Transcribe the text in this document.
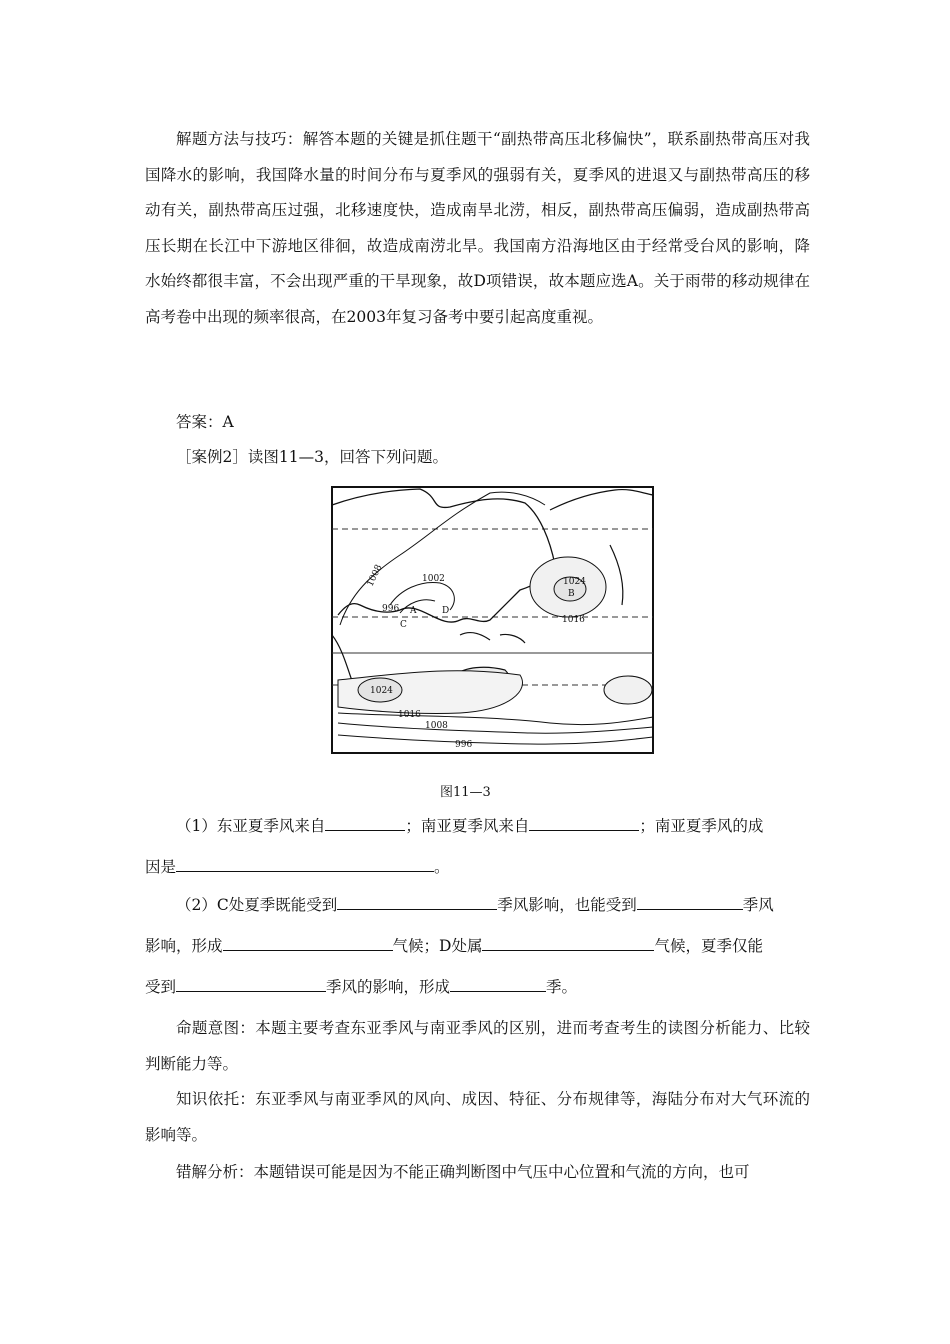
解题方法与技巧：解答本题的关键是抓住题干“副热带高压北移偏快”，联系副热带高压对我国降水的影响，我国降水量的时间分布与夏季风的强弱有关，夏季风的进退又与副热带高压的移动有关，副热带高压过强，北移速度快，造成南旱北涝，相反，副热带高压偏弱，造成副热带高压长期在长江中下游地区徘徊，故造成南涝北旱。我国南方沿海地区由于经常受台风的影响，降水始终都很丰富，不会出现严重的干旱现象，故D项错误，故本题应选A。关于雨带的移动规律在高考卷中出现的频率很高，在2003年复习备考中要引起高度重视。

答案：A

［案例2］读图11—3，回答下列问题。

1008	1002
996 A
C
D
1024
B
1016
1024
1016
1008
996
图11—3

（1）东亚夏季风来自	；南亚夏季风来自	；南亚夏季风的成

因是	。

（2）C处夏季既能受到	季风影响，也能受到	季风

影响，形成	气候；D处属	气候，夏季仅能

受到	季风的影响，形成	季。

命题意图：本题主要考查东亚季风与南亚季风的区别，进而考查考生的读图分析能力、比较判断能力等。

知识依托：东亚季风与南亚季风的风向、成因、特征、分布规律等，海陆分布对大气环流的影响等。

错解分析：本题错误可能是因为不能正确判断图中气压中心位置和气流的方向，也可
